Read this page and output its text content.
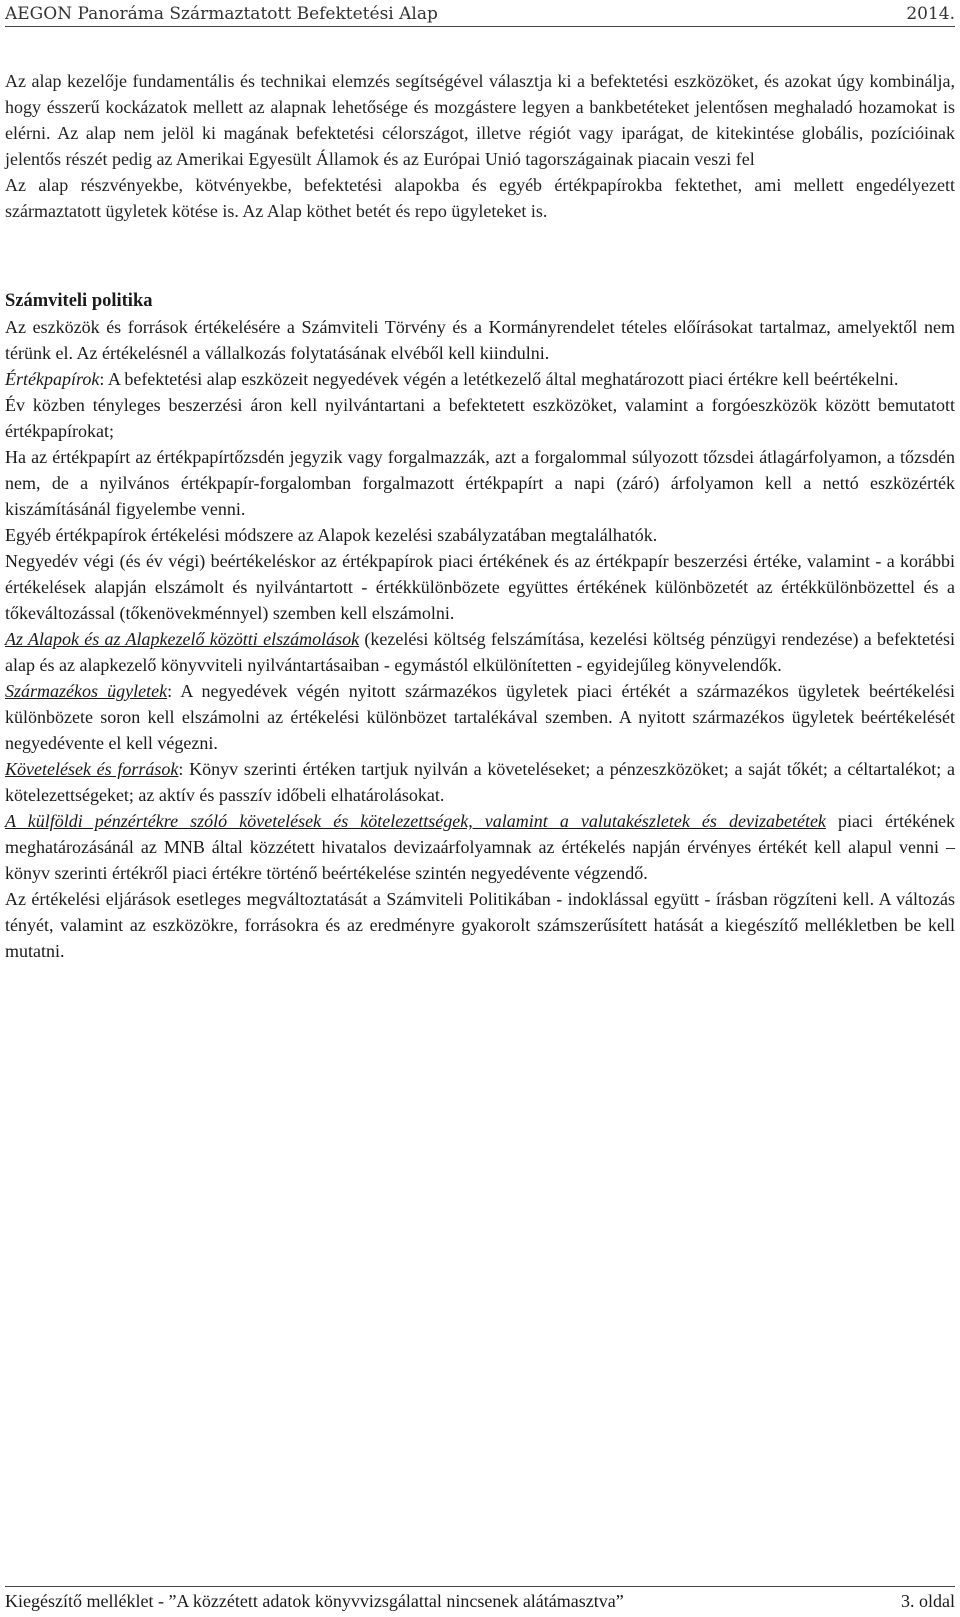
AEGON Panoráma Származtatott Befektetési Alap	2014.

Az alap kezelője fundamentális és technikai elemzés segítségével választja ki a befektetési eszközöket, és azokat úgy kombinálja, hogy ésszerű kockázatok mellett az alapnak lehetősége és mozgástere legyen a bankbetéteket jelentősen meghaladó hozamokat is elérni. Az alap nem jelöl ki magának befektetési célországot, illetve régiót vagy iparágat, de kitekintése globális, pozícióinak jelentős részét pedig az Amerikai Egyesült Államok és az Európai Unió tagországainak piacain veszi fel

Az alap részvényekbe, kötvényekbe, befektetési alapokba és egyéb értékpapírokba fektethet, ami mellett engedélyezett származtatott ügyletek kötése is. Az Alap köthet betét és repo ügyleteket is.

Számviteli politika

Az eszközök és források értékelésére a Számviteli Törvény és a Kormányrendelet tételes előírásokat tartalmaz, amelyektől nem térünk el. Az értékelésnél a vállalkozás folytatásának elvéből kell kiindulni.

Értékpapírok: A befektetési alap eszközeit negyedévek végén a letétkezelő által meghatározott piaci értékre kell beértékelni.

Év közben tényleges beszerzési áron kell nyilvántartani a befektetett eszközöket, valamint a forgóeszközök között bemutatott értékpapírokat;

Ha az értékpapírt az értékpapírtőzsdén jegyzik vagy forgalmazzák, azt a forgalommal súlyozott tőzsdei átlagárfolyamon, a tőzsdén nem, de a nyilvános értékpapír-forgalomban forgalmazott értékpapírt a napi (záró) árfolyamon kell a nettó eszközérték kiszámításánál figyelembe venni.

Egyéb értékpapírok értékelési módszere az Alapok kezelési szabályzatában megtalálhatók.

Negyedév végi (és év végi) beértékeléskor az értékpapírok piaci értékének és az értékpapír beszerzési értéke, valamint - a korábbi értékelések alapján elszámolt és nyilvántartott - értékkülönbözete együttes értékének különbözetét az értékkülönbözettel és a tőkeváltozással (tőkenövekménnyel) szemben kell elszámolni.

Az Alapok és az Alapkezelő közötti elszámolások (kezelési költség felszámítása, kezelési költség pénzügyi rendezése) a befektetési alap és az alapkezelő könyvviteli nyilvántartásaiban - egymástól elkülönítetten - egyidejűleg könyvelendők.

Származékos ügyletek: A negyedévek végén nyitott származékos ügyletek piaci értékét a származékos ügyletek beértékelési különbözete soron kell elszámolni az értékelési különbözet tartalékával szemben. A nyitott származékos ügyletek beértékelését negyedévente el kell végezni.

Követelések és források: Könyv szerinti értéken tartjuk nyilván a követeléseket; a pénzeszközöket; a saját tőkét; a céltartalékot; a kötelezettségeket; az aktív és passzív időbeli elhatárolásokat.

A külföldi pénzértékre szóló követelések és kötelezettségek, valamint a valutakészletek és devizabetétek piaci értékének meghatározásánál az MNB által közzétett hivatalos devizaárfolyamnak az értékelés napján érvényes értékét kell alapul venni – könyv szerinti értékről piaci értékre történő beértékelése szintén negyedévente végzendő.

Az értékelési eljárások esetleges megváltoztatását a Számviteli Politikában - indoklással együtt - írásban rögzíteni kell. A változás tényét, valamint az eszközökre, forrásokra és az eredményre gyakorolt számszerűsített hatását a kiegészítő mellékletben be kell mutatni.

Kiegészítő melléklet - ”A közzétett adatok könyvvizsgálattal nincsenek alátámasztva”	3. oldal
